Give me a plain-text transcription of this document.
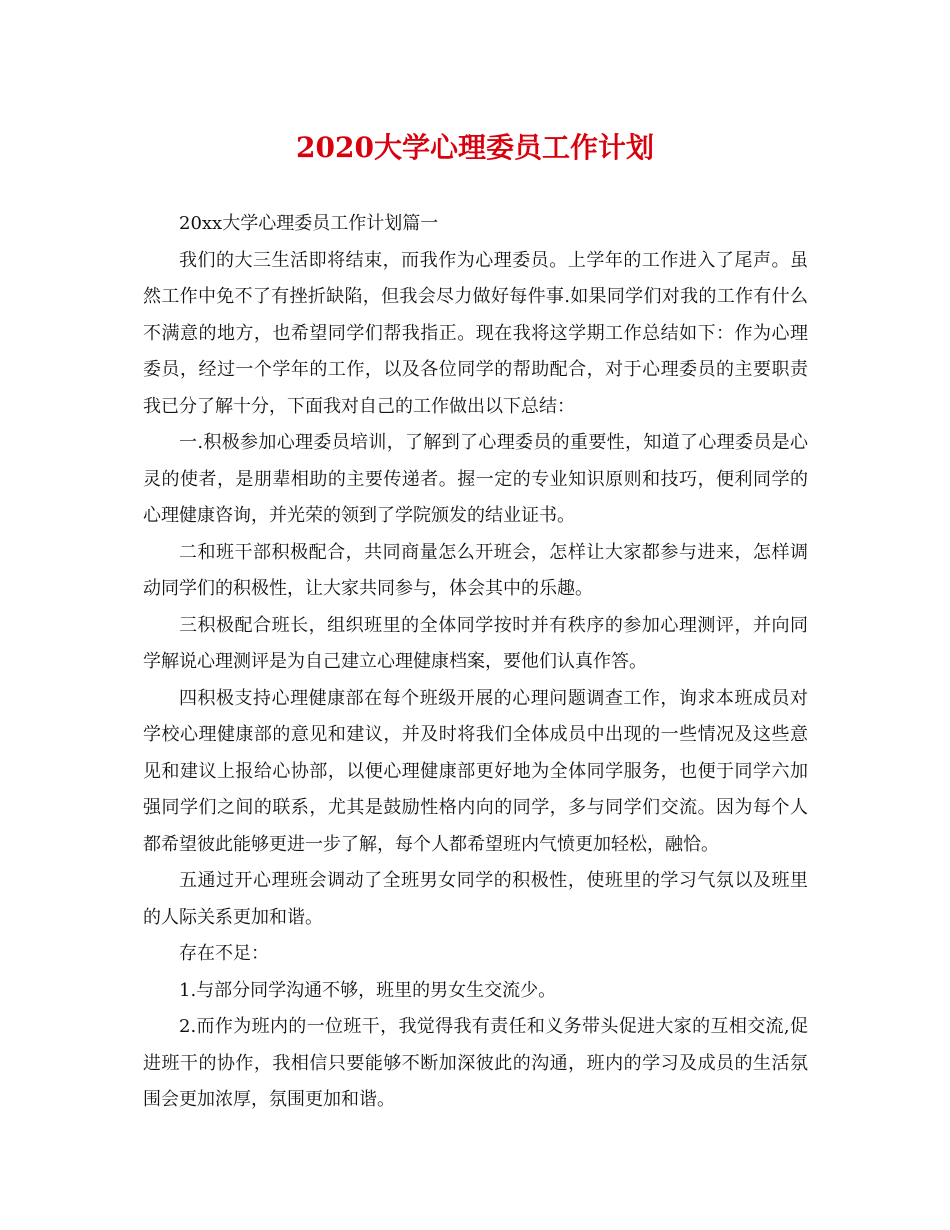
2020大学心理委员工作计划

20xx大学心理委员工作计划篇一

我们的大三生活即将结束，而我作为心理委员。上学年的工作进入了尾声。虽然工作中免不了有挫折缺陷，但我会尽力做好每件事.如果同学们对我的工作有什么不满意的地方，也希望同学们帮我指正。现在我将这学期工作总结如下：作为心理委员，经过一个学年的工作，以及各位同学的帮助配合，对于心理委员的主要职责我已分了解十分，下面我对自己的工作做出以下总结：

一.积极参加心理委员培训，了解到了心理委员的重要性，知道了心理委员是心灵的使者，是朋辈相助的主要传递者。握一定的专业知识原则和技巧，便利同学的心理健康咨询，并光荣的领到了学院颁发的结业证书。

二和班干部积极配合，共同商量怎么开班会，怎样让大家都参与进来，怎样调动同学们的积极性，让大家共同参与，体会其中的乐趣。

三积极配合班长，组织班里的全体同学按时并有秩序的参加心理测评，并向同学解说心理测评是为自己建立心理健康档案，要他们认真作答。

四积极支持心理健康部在每个班级开展的心理问题调查工作，询求本班成员对学校心理健康部的意见和建议，并及时将我们全体成员中出现的一些情况及这些意见和建议上报给心协部，以便心理健康部更好地为全体同学服务，也便于同学六加强同学们之间的联系，尤其是鼓励性格内向的同学，多与同学们交流。因为每个人都希望彼此能够更进一步了解，每个人都希望班内气愤更加轻松，融恰。

五通过开心理班会调动了全班男女同学的积极性，使班里的学习气氛以及班里的人际关系更加和谐。

存在不足：

1.与部分同学沟通不够，班里的男女生交流少。

2.而作为班内的一位班干，我觉得我有责任和义务带头促进大家的互相交流,促进班干的协作，我相信只要能够不断加深彼此的沟通，班内的学习及成员的生活氛围会更加浓厚，氛围更加和谐。
